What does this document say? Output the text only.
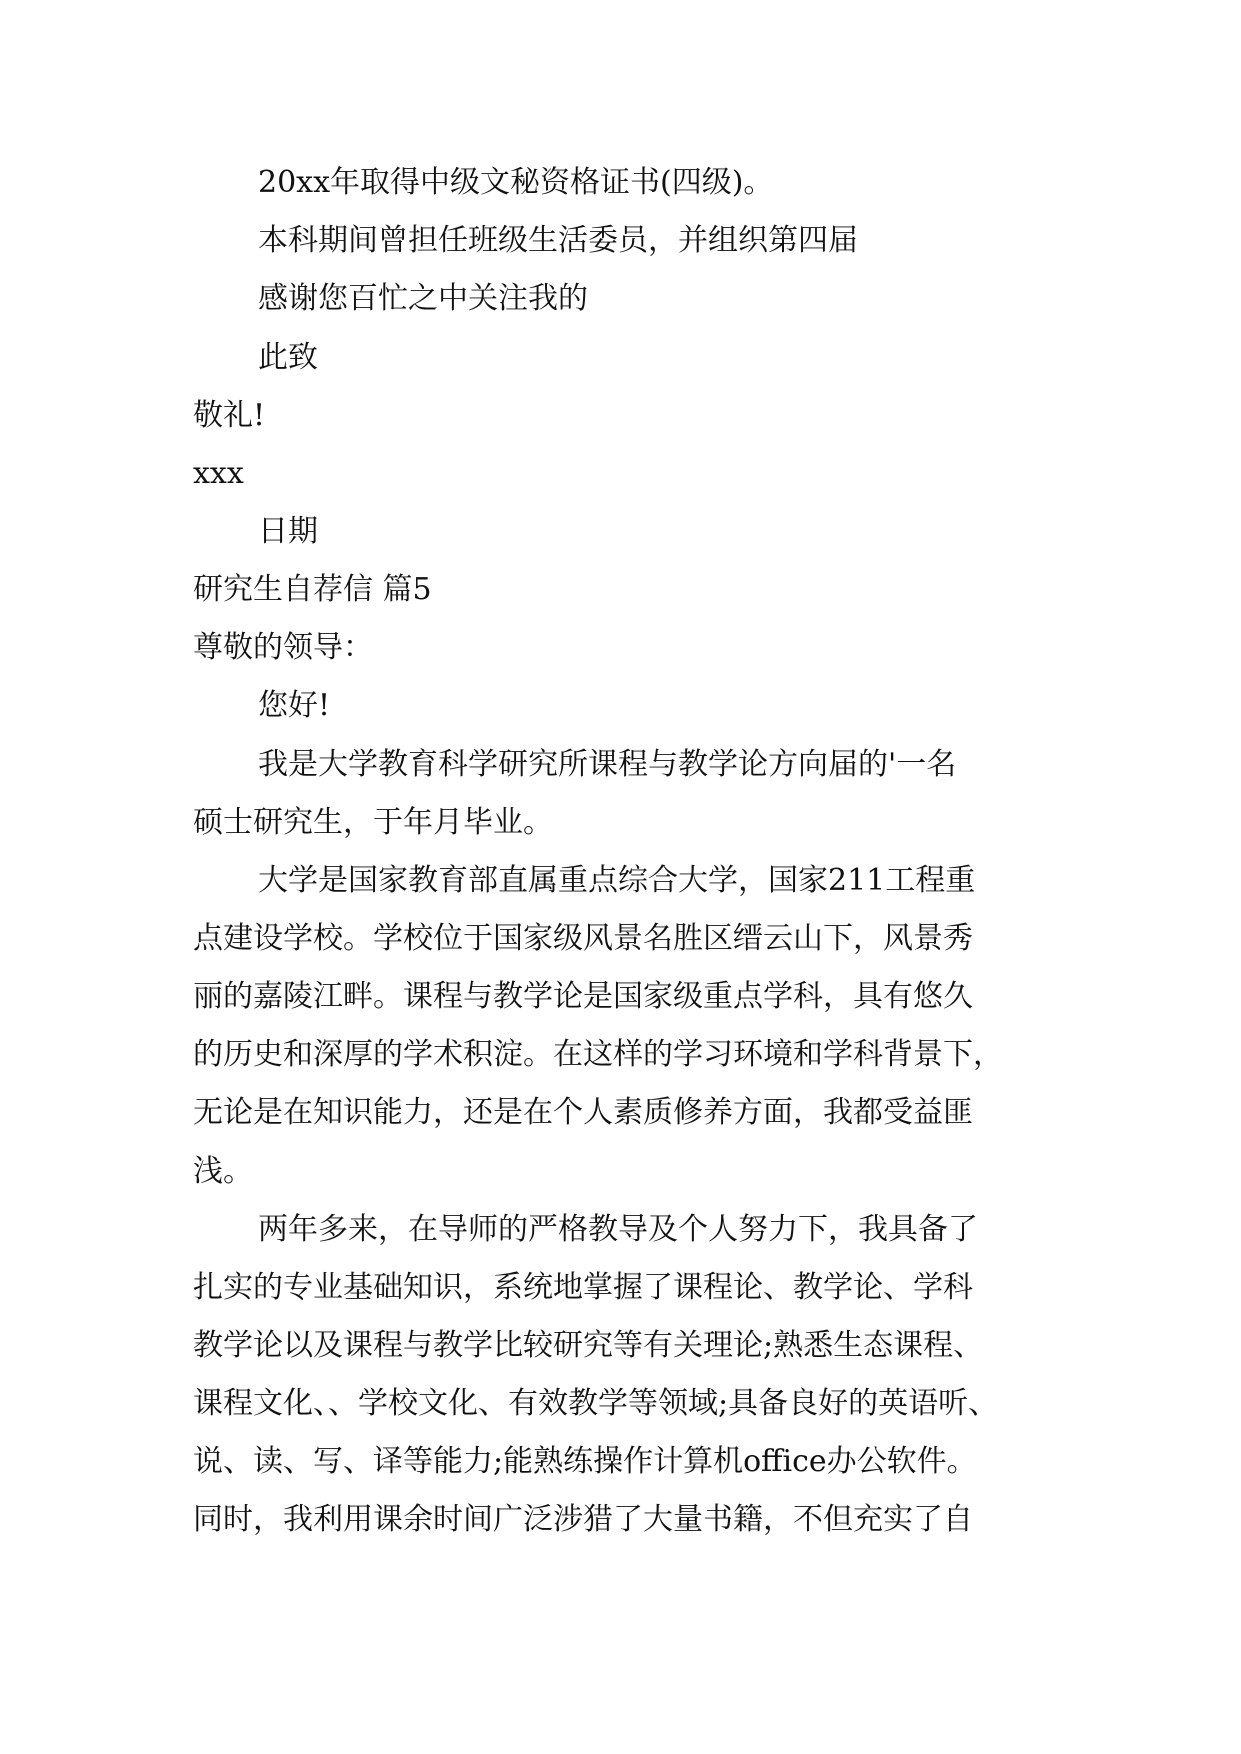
20xx年取得中级文秘资格证书(四级)。
本科期间曾担任班级生活委员，并组织第四届
感谢您百忙之中关注我的
此致
敬礼!
xxx
日期
研究生自荐信 篇5
尊敬的领导：
您好!
我是大学教育科学研究所课程与教学论方向届的'一名
硕士研究生，于年月毕业。
大学是国家教育部直属重点综合大学，国家211工程重
点建设学校。学校位于国家级风景名胜区缙云山下，风景秀
丽的嘉陵江畔。课程与教学论是国家级重点学科，具有悠久
的历史和深厚的学术积淀。在这样的学习环境和学科背景下，
无论是在知识能力，还是在个人素质修养方面，我都受益匪
浅。
两年多来，在导师的严格教导及个人努力下，我具备了
扎实的专业基础知识，系统地掌握了课程论、教学论、学科
教学论以及课程与教学比较研究等有关理论;熟悉生态课程、
课程文化、、学校文化、有效教学等领域;具备良好的英语听、
说、读、写、译等能力;能熟练操作计算机office办公软件。
同时，我利用课余时间广泛涉猎了大量书籍，不但充实了自
